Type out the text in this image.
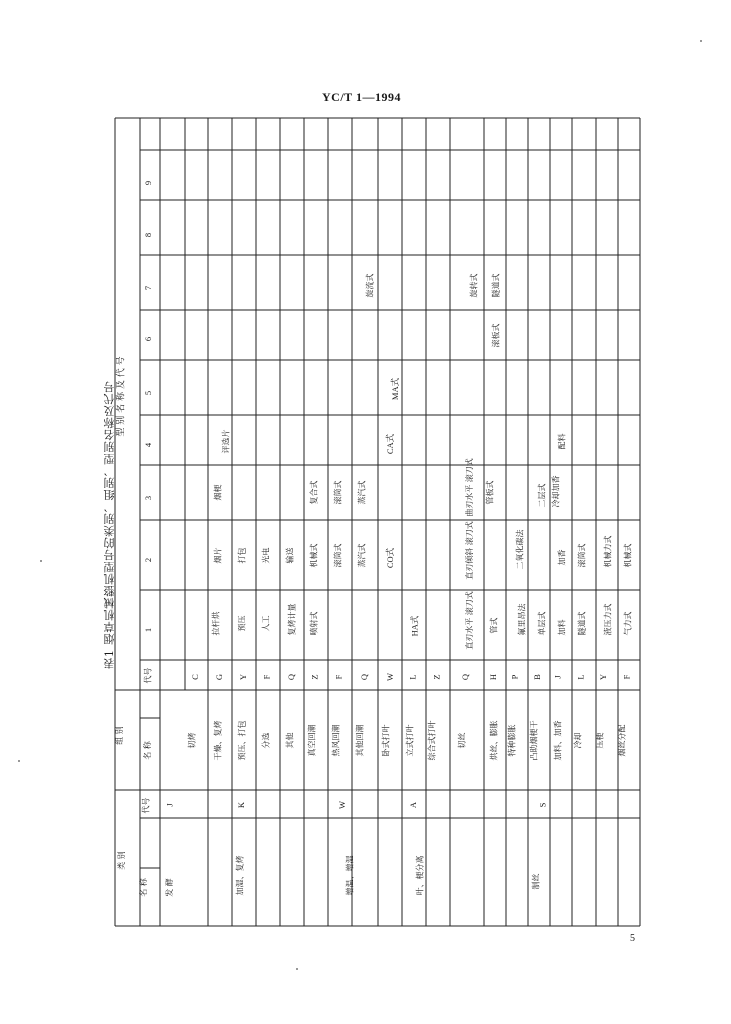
YC/T 1—1994
表1 烟草机械整机型号的类别、组别、型别名称及代号
5
组 别
名 称
代号
类 别
名 称
代号
型 别 名 称 及 代 号
1
2
3
4
5
6
7
8
9
发 酵
J
加湿、复烤
K
增温、增湿
W
叶、梗分离
A
制丝
S
切烤
C
干燥、复烤
G
预压、打包
Y
分选
F
其他
Q
真空回潮
Z
热风回潮
F
其他回潮
Q
卧式打叶
W
立式打叶
L
综合式打叶
Z
切丝
Q
烘丝、膨胀
H
特种膨胀
P
凸助烟梗干
B
加料、加香
J
冷却
L
压梗
Y
烟丝分配
F
拉杆烘
烟片
烟梗
预压
打包
人工
光电
评选片
复烤计量
输送
喷射式
机械式
复合式
滚筒式
滚筒式
旋流式
蒸汽式
蒸汽式
CO式
CA式
MA式
HA式	直刃水平 滚刀式
直刃倾斜 滚刀式
曲刃水平 滚刀式
旋转式
管式
管板式
滚板式
隧道式
氟里昂法
二氧化碳法
单层式
二层式
加料
加香
冷却加香
配料
隧道式
滚筒式
液压力式
机械力式
气力式
机械式
